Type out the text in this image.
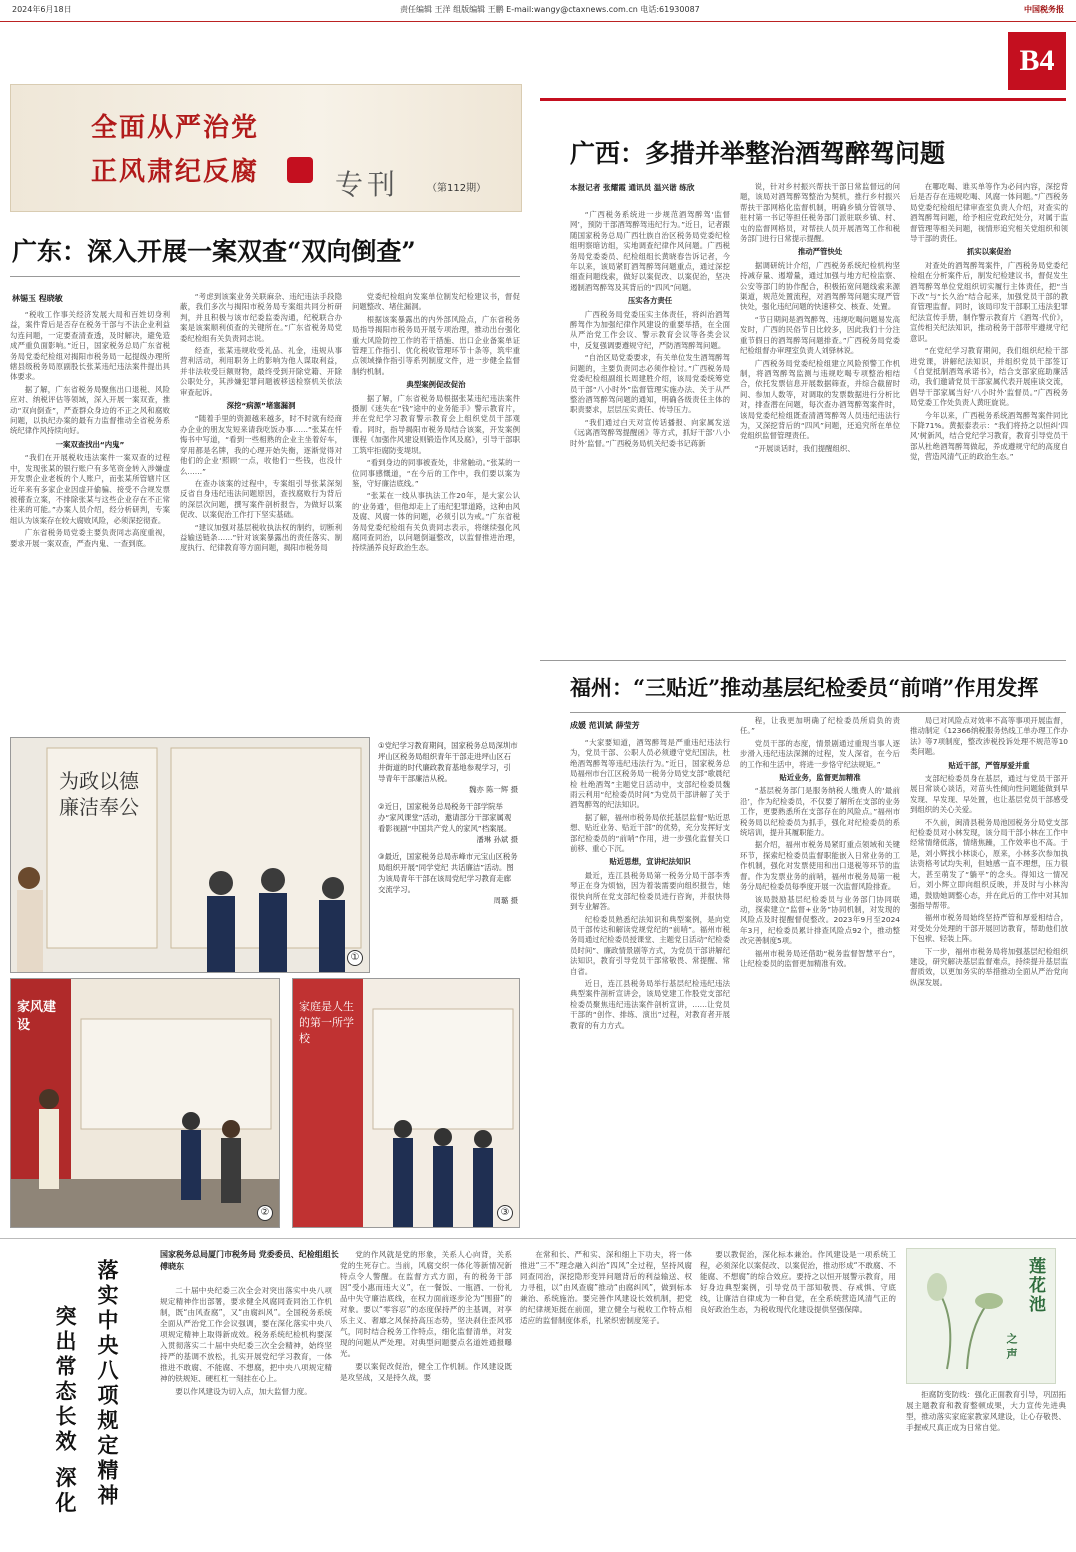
2024年6月18日	责任编辑 王洋 组版编辑 王鹏 E-mail:wangy@ctaxnews.com.cn 电话:61930087	中国税务报
B4
全面从严治党
正风肃纪反腐	专刊	（第112期）
广东：深入开展一案双查“双向倒查”
林锡玉 程晓敏

“税收工作事关经济发展大局和百姓切身利益，案件背后是否存在税务干部与不法企业利益勾连问题，一定要查清查透，及时解决，避免造成严重负面影响。”近日，国家税务总局广东省税务局党委纪检组对揭阳市税务局一起提级办理所辖县级税务局原副股长张某违纪违法案件提出具体要求。

据了解，广东省税务局聚焦出口退税、风险应对、纳税评估等领域，深入开展一案双查，推动“双向倒查”，严查群众身边的不正之风和腐败问题，以执纪办案的最有力监督推动全省税务系统纪律作风持续向好。

一案双查找出“内鬼”

“我们在开展税收违法案件一案双查的过程中，发现张某的银行账户有多笔资金转入涉嫌虚开发票企业老板的个人账户，而张某所管辖片区近年来有多家企业因虚开偷骗、接受不合规发票被稽查立案，不排除张某与这些企业存在不正常往来的可能。”办案人员介绍，经分析研判，专案组认为该案存在较大腐败风险，必须深挖彻查。

广东省税务局党委主要负责同志高度重视，要求开展一案双查，严查内鬼、一查到底。

“考虑到该案业务关联麻杂、违纪违法手段隐蔽，我们多次与揭阳市税务局专案组共同分析研判，并且积极与该市纪委监委沟通，纪税联合办案是该案顺利侦查的关键所在。”广东省税务局党委纪检组有关负责同志说。

经查，张某违规收受礼品、礼金，违规从事营利活动，利用职务上的影响为他人谋取利益，并非法收受巨额财物，最终受到开除党籍、开除公职处分，其涉嫌犯罪问题被移送检察机关依法审查起诉。

深挖“病源”堵塞漏洞

“随着手里的资源越来越多，时不时就有经商办企业的朋友发短来请我吃饭办事……”张某在忏悔书中写道，“看到一些相熟的企业主坐着好车，穿用都是名牌，我的心理开始失衡，逐渐觉得对他们的企业‘照顾’一点，收他们一些钱，也没什么……”

在查办该案的过程中，专案组引导张某深刻反省自身违纪违法问题原因，查找腐败行为背后的深层次问题，撰写案件剖析报告，为做好以案促改、以案促治工作打下坚实基础。

“建议加强对基层税收执法权的制约，切断利益输送链条……”针对该案暴露出的责任落实、制度执行、纪律教育等方面问题，揭阳市税务局

党委纪检组向发案单位制发纪检建议书，督促问题整改、堵住漏洞。

根据该案暴露出的内外部风险点，广东省税务局指导揭阳市税务局开展专项治理，推动出台强化重大风险防控工作的若干措施、出口企业备案单证管理工作指引、优化税收管理环节十条等，筑牢重点领域操作指引等系列制度文件，进一步健全监督制约机制。

典型案例促改促治

据了解，广东省税务局根据张某违纪违法案件摄制《迷失在“钱”途中的业务能手》警示教育片，并在党纪学习教育警示教育会上组织党员干部观看。同时，指导揭阳市税务局结合该案，开发案例课程《加强作风建设则锻造作风及腐》，引导干部职工筑牢拒腐防变堤坝。

“看到身边的同事被查处，非常触动。”张某的一位同事感慨道，“在今后的工作中，我们要以案为鉴，守好廉洁底线。”

“张某在一线从事执法工作20年，是大家公认的‘业务通’，但他却走上了违纪犯罪道路，这种由风及腐、风腐一体的问题，必须引以为戒。”广东省税务局党委纪检组有关负责同志表示，将继续强化风腐同查同治，以问题倒逼整改，以监督推进治理，持续涵养良好政治生态。

广西：多措并举整治酒驾醉驾问题
本报记者 张耀霞 通讯员 温兴谐 练欣

“广西税务系统进一步规范酒驾醉驾‘监督网’，预防干部酒驾醉驾违纪行为。”近日，记者跟随国家税务总局广西壮族自治区税务局党委纪检组明察暗访组，实地调查纪律作风问题。广西税务局党委委员、纪检组组长黄晓春告诉记者，今年以来，该局紧盯酒驾醉驾问题重点，通过深挖细查问题线索，做好以案促改、以案促治，坚决遏制酒驾醉驾及其背后的“四风”问题。

压实各方责任

广西税务局党委压实主体责任，将纠治酒驾醉驾作为加强纪律作风建设的重要举措，在全面从严治党工作会议、警示教育会议等各类会议中，反复强调要遵规守纪，严防酒驾醉驾问题。

“自治区局党委要求，有关单位发生酒驾醉驾问题的，主要负责同志必须作检讨。”广西税务局党委纪检组副组长周建胜介绍，该局党委统筹党员干部“八小时外”监督管理实施办法、关于从严整治酒驾醉驾问题的通知，明确各级责任主体的职责要求，层层压实责任、传导压力。

“我们通过白天对宣传话播报、向家属发送《远离酒驾醉驾提醒函》等方式，抓好干部‘八小时外’监督。”广西税务局机关纪委书记蒋新

说，针对乡村振兴帮扶干部日常监督远的问题，该局对酒驾醉驾整治为契机，推行乡村振兴帮扶干部网格化监督机制，明确乡镇分管领导、驻村第一书记等担任税务部门派驻联乡镇、村、屯的监督网格员，对帮扶人员开展酒驾工作和税务部门进行日常提示提醒。

推动严管快处

据调研统计介绍，广西税务系统纪检机构坚持减存量、遏增量，通过加强与地方纪检监察、公安等部门的协作配合，积极拓宽问题线索来源渠道，规范处置流程，对酒驾醉驾问题实现严管快处，强化违纪问题的快速移交、核查、处置。

“节日期间是酒驾醉驾、违规吃喝问题易发高发时，广西的民俗节日比较多，因此我们十分注重节假日的酒驾醉驾问题排查。”广西税务局党委纪检组督办审理室负责人刘驿林说。

广西税务局党委纪检组建立风险预警工作机制，将酒驾醉驾监测与违规吃喝专项整治相结合，依托发票信息开展数据筛查，并综合截留时间、参加人数等，对调取的发票数据进行分析比对，排查潜在问题，每次查办酒驾醉驾案件时，该局党委纪检组既查清酒驾醉驾人员违纪违法行为，又深挖背后的“四风”问题，还追究所在单位党组织监督管理责任。

“开展谈话时，我们提醒组织、

在哪吃喝、谁买单等作为必问内容，深挖背后是否存在违规吃喝、风腐一体问题。”广西税务局党委纪检组纪律审查室负责人介绍，对查实的酒驾醉驾问题，给予相应党政纪处分，对属于监督管理等相关问题，视情形追究相关党组织和领导干部的责任。

抓实以案促治

对查处的酒驾醉驾案件，广西税务局党委纪检组在分析案件后，制发纪检建议书，督促发生酒驾醉驾单位党组织切实履行主体责任，把“当下改”与“长久治”结合起来，加强党员干部的教育管理监督。同时，该局印发干部职工违法犯罪纪法宣传手册，制作警示教育片《酒驾·代价》，宣传相关纪法知识，推动税务干部带牢遵规守纪意识。

“在党纪学习教育期间，我们组织纪检干部进党课，讲解纪法知识，并组织党员干部签订《自觉抵制酒驾承诺书》，结合支部家庭助廉活动，我们邀请党员干部家属代表开展座谈交流，倡导干部家属当好‘八小时外’监督员。”广西税务局党委工作处负责人黄旺旋说。

今年以来，广西税务系统酒驾醉驾案件同比下降71%。黄振泰表示：“我们将持之以恒纠‘四风’树新风，结合党纪学习教育，教育引导党员干部从杜绝酒驾醉驾做起，养成遵规守纪的高度自觉，营造风清气正的政治生态。”

福州：“三贴近”推动基层纪检委员“前哨”作用发挥
成媛 范训斌 薛莹芳

“大家要知道，酒驾醉驾是严重违纪违法行为，党员干部、公职人员必须遵守党纪国法，杜绝酒驾醉驾等违纪违法行为。”近日，国家税务总局福州市台江区税务局一税务分局党支部“歌晨纪检 杜绝酒驾”主题党日活动中，支部纪检委员魏雨云利用“纪检委员时间”为党员干部讲解了关于酒驾醉驾的纪法知识。

据了解，福州市税务局依托基层监督“贴近思想、贴近业务、贴近干部”的优势，充分发挥好支部纪检委员的“前哨”作用，进一步强化监督关口前移、重心下沉。

贴近思想，宣讲纪法知识

最近，连江县税务局第一税务分局干部李秀琴正在身为烦恼，因为着装需要向组织报告，她很快向所在党支部纪检委员进行咨询，并很快得到专业解答。

纪检委员熟悉纪法知识和典型案例，是向党员干部传达和解读党规党纪的“前哨”。福州市税务局通过纪检委员授课堂、主题党日活动“纪检委员时间”、廉政情景剧等方式，为党员干部讲解纪法知识，教育引导党员干部常敬畏、常提醒、常自省。

近日，连江县税务局举行基层纪检违纪违法典型案件剖析宣讲会，该局党建工作股党支部纪检委员聚焦违纪违法案件剖析宣讲，……让党员干部的“创作、排练、演出”过程，对教育者开展教育的有力方式。

程，让我更加明确了纪检委员所肩负的责任。”

党员干部的态度，情景剧通过重现当事人逐步滑入违纪违法深渊的过程，发人深省，在今后的工作和生活中，将进一步恪守纪法规矩。”

贴近业务，监督更加精准

“基层税务部门是服务纳税人缴费人的‘最前沿’，作为纪检委员，不仅要了解所在支部的业务工作，更要熟悉所在支部存在的风险点。”福州市税务局以纪检委员为抓手，强化对纪检委员的系统培训，提升其履职能力。

据介绍，福州市税务局紧盯重点领域和关键环节，探索纪检委员监督职能嵌入日常业务的工作机制，强化对发票使用和出口退税等环节的监督。作为发票业务的前哨，福州市税务局第一税务分局纪检委员每季度开展一次监督风险排查。

该局鼓励基层纪检委员与业务部门协同联动，探索建立“监督+业务”协同机制，对发现的风险点及时提醒督促整改。2023年9月至2024年3月，纪检委员累计排查风险点92个，推动整改完善制度5项。

福州市税务局还借助“税务监督智慧平台”，让纪检委员的监督更加精准有效。

局已对风险点对效率不高等事项开展监督，推动制定《12366纳税服务热线工单办理工作办法》等7项制度，整改涉税投诉处理不规范等10类问题。

贴近干部，严管厚爱并重

支部纪检委员身在基层，通过与党员干部开展日常谈心谈话，对苗头性倾向性问题能做到早发现、早发现、早处置，也让基层党员干部感受到组织的关心关爱。

不久前，闽清县税务局池园税务分局党支部纪检委员对小林发现，该分局干部小林在工作中经常情绪低落，情绪焦躁，工作效率也不高。于是，刘小辉找小林谈心，原来，小林多次参加执法资格考试均失利，但她感一直不理想，压力很大，甚至萌发了“躺平”的念头。得知这一情况后，刘小辉立即向组织反映，并及时与小林沟通，鼓励她调整心态，并在此后的工作中对其加强指导帮带。

福州市税务局始终坚持严管和厚爱相结合，对受处分处理的干部开展回访教育，帮助他们放下包袱、轻装上阵。

下一步，福州市税务局将加强基层纪检组织建设，研究解决基层监督难点，持续提升基层监督质效，以更加务实的举措推动全面从严治党向纵深发展。

为政以德 廉洁奉公
①

①党纪学习教育期间，国家税务总局深圳市坪山区税务局组织青年干部走进坪山区石井街道的时代廉政教育基地参观学习，引导青年干部廉洁从税。

魏亦 陈一辉 摄

②近日，国家税务总局税务干部学院举办“家风课堂”活动，邀请部分干部家属观看影视剧“中国共产党人的家风”档案展。

潘琳 孙斌 摄

③最近，国家税务总局赤峰市元宝山区税务局组织开展“同学党纪 共话廉洁”活动。图为该局青年干部在该局党纪学习教育走廊交流学习。

周璐 摄

家风建设
②
家庭是人生的第一所学校
③
落实中央八项规定精神
突出常态长效 深化
国家税务总局厦门市税务局 党委委员、纪检组组长 傅晓东

二十届中央纪委三次全会对突出落实中央八项规定精神作出部署，要求健全风腐同查同治工作机制，既“由风查腐”，又“由腐纠风”。全国税务系统全面从严治党工作会议强调，要在深化落实中央八项规定精神上取得新成效。税务系统纪检机构要深入贯彻落实二十届中央纪委三次全会精神，始终坚持严的基调不放松，扎实开展党纪学习教育，一体推进不敢腐、不能腐、不想腐，把中央八项规定精神的铁规矩、硬杠杠一刻挂在心上。

要以作风建设为切入点，加大监督力度。

党的作风就是党的形象，关系人心向背，关系党的生死存亡。当前，风腐交织一体化等新情况新特点令人警醒。在监督方式方面，有的税务干部因“受小惠而违大义”，在一餐饭、一瓶酒、一份礼品中失守廉洁底线，在权力面前逐步沦为“围猎”的对象。要以“零容忍”的态度保持严的主基调，对享乐主义、奢靡之风保持高压态势，坚决刹住歪风邪气，同时结合税务工作特点，细化监督清单，对发现的问题从严处理。对典型问题要点名道姓通报曝光。

要以案促改促治，健全工作机制。作风建设既是攻坚战，又是持久战，要

在常和长、严和实、深和细上下功夫，将一体推进“三不”理念融入纠治“四风”全过程，坚持风腐同查同治，深挖隐形变异问题背后的利益输送、权力寻租，以“由风查腐”推动“由腐纠风”，做到标本兼治、系统施治。要完善作风建设长效机制，把党的纪律规矩挺在前面，建立健全与税收工作特点相适应的监督制度体系，扎紧织密制度笼子。

要以教促治，深化标本兼治。作风建设是一项系统工程，必须深化以案促改、以案促治，推动形成“不敢腐、不能腐、不想腐”的综合效应。要持之以恒开展警示教育，用好身边典型案例，引导党员干部知敬畏、存戒惧、守底线，让廉洁自律成为一种自觉，在全系统营造风清气正的良好政治生态，为税收现代化建设提供坚强保障。

拒腐防变防线：强化正面教育引导，巩固拓展主题教育和教育整顿成果，大力宣传先进典型，推动落实家庭家教家风建设，让心存敬畏、手握戒尺真正成为日常自觉。

莲花池
之声
